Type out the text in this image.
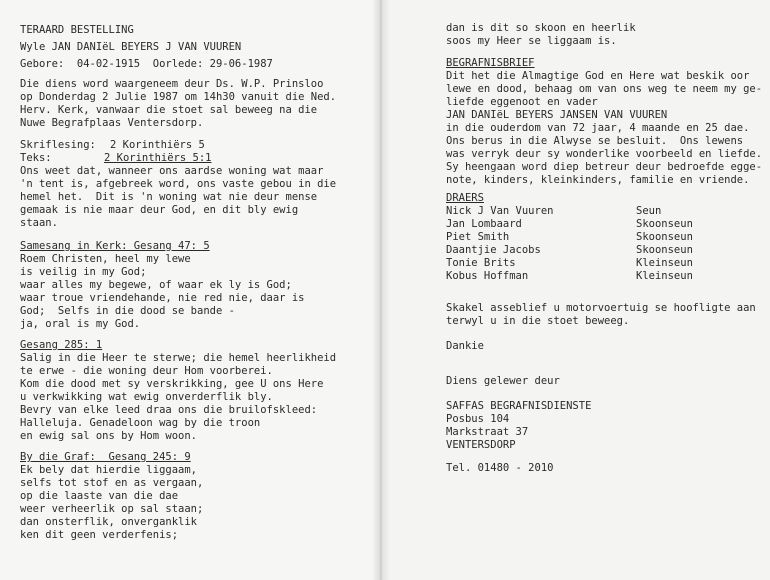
TERAARD BESTELLING
Wyle JAN DANIëL BEYERS J VAN VUUREN
Gebore:  04-02-1915  Oorlede: 29-06-1987
Die diens word waargeneem deur Ds. W.P. Prinsloo
op Donderdag 2 Julie 1987 om 14h30 vanuit die Ned.
Herv. Kerk, vanwaar die stoet sal beweeg na die
Nuwe Begrafplaas Ventersdorp.
Skriflesing: 2 Korinthiërs 5
Teks:	2 Korinthiërs 5:1
Ons weet dat, wanneer ons aardse woning wat maar
'n tent is, afgebreek word, ons vaste gebou in die
hemel het.  Dit is 'n woning wat nie deur mense
gemaak is nie maar deur God, en dit bly ewig
staan.
Samesang in Kerk: Gesang 47: 5
Roem Christen, heel my lewe
is veilig in my God;
waar alles my begewe, of waar ek ly is God;
waar troue vriendehande, nie red nie, daar is
God;  Selfs in die dood se bande -
ja, oral is my God.
Gesang 285: 1
Salig in die Heer te sterwe; die hemel heerlikheid
te erwe - die woning deur Hom voorberei.
Kom die dood met sy verskrikking, gee U ons Here
u verkwikking wat ewig onverderflik bly.
Bevry van elke leed draa ons die bruilofskleed:
Halleluja. Genadeloon wag by die troon
en ewig sal ons by Hom woon.
By die Graf:  Gesang 245: 9
Ek bely dat hierdie liggaam,
selfs tot stof en as vergaan,
op die laaste van die dae
weer verheerlik op sal staan;
dan onsterflik, onverganklik
ken dit geen verderfenis;
dan is dit so skoon en heerlik
soos my Heer se liggaam is.
BEGRAFNISBRIEF
Dit het die Almagtige God en Here wat beskik oor
lewe en dood, behaag om van ons weg te neem my ge-
liefde eggenoot en vader
JAN DANIëL BEYERS JANSEN VAN VUUREN
in die ouderdom van 72 jaar, 4 maande en 25 dae.
Ons berus in die Alwyse se besluit.  Ons lewens
was verryk deur sy wonderlike voorbeeld en liefde.
Sy heengaan word diep betreur deur bedroefde egge-
note, kinders, kleinkinders, familie en vriende.
DRAERS
Nick J Van Vuuren	Seun
Jan Lombaard	Skoonseun
Piet Smith	Skoonseun
Daantjie Jacobs	Skoonseun
Tonie Brits	Kleinseun
Kobus Hoffman	Kleinseun
Skakel asseblief u motorvoertuig se hoofligte aan
terwyl u in die stoet beweeg.
Dankie
Diens gelewer deur
SAFFAS BEGRAFNISDIENSTE
Posbus 104
Markstraat 37
VENTERSDORP
Tel. 01480 - 2010
